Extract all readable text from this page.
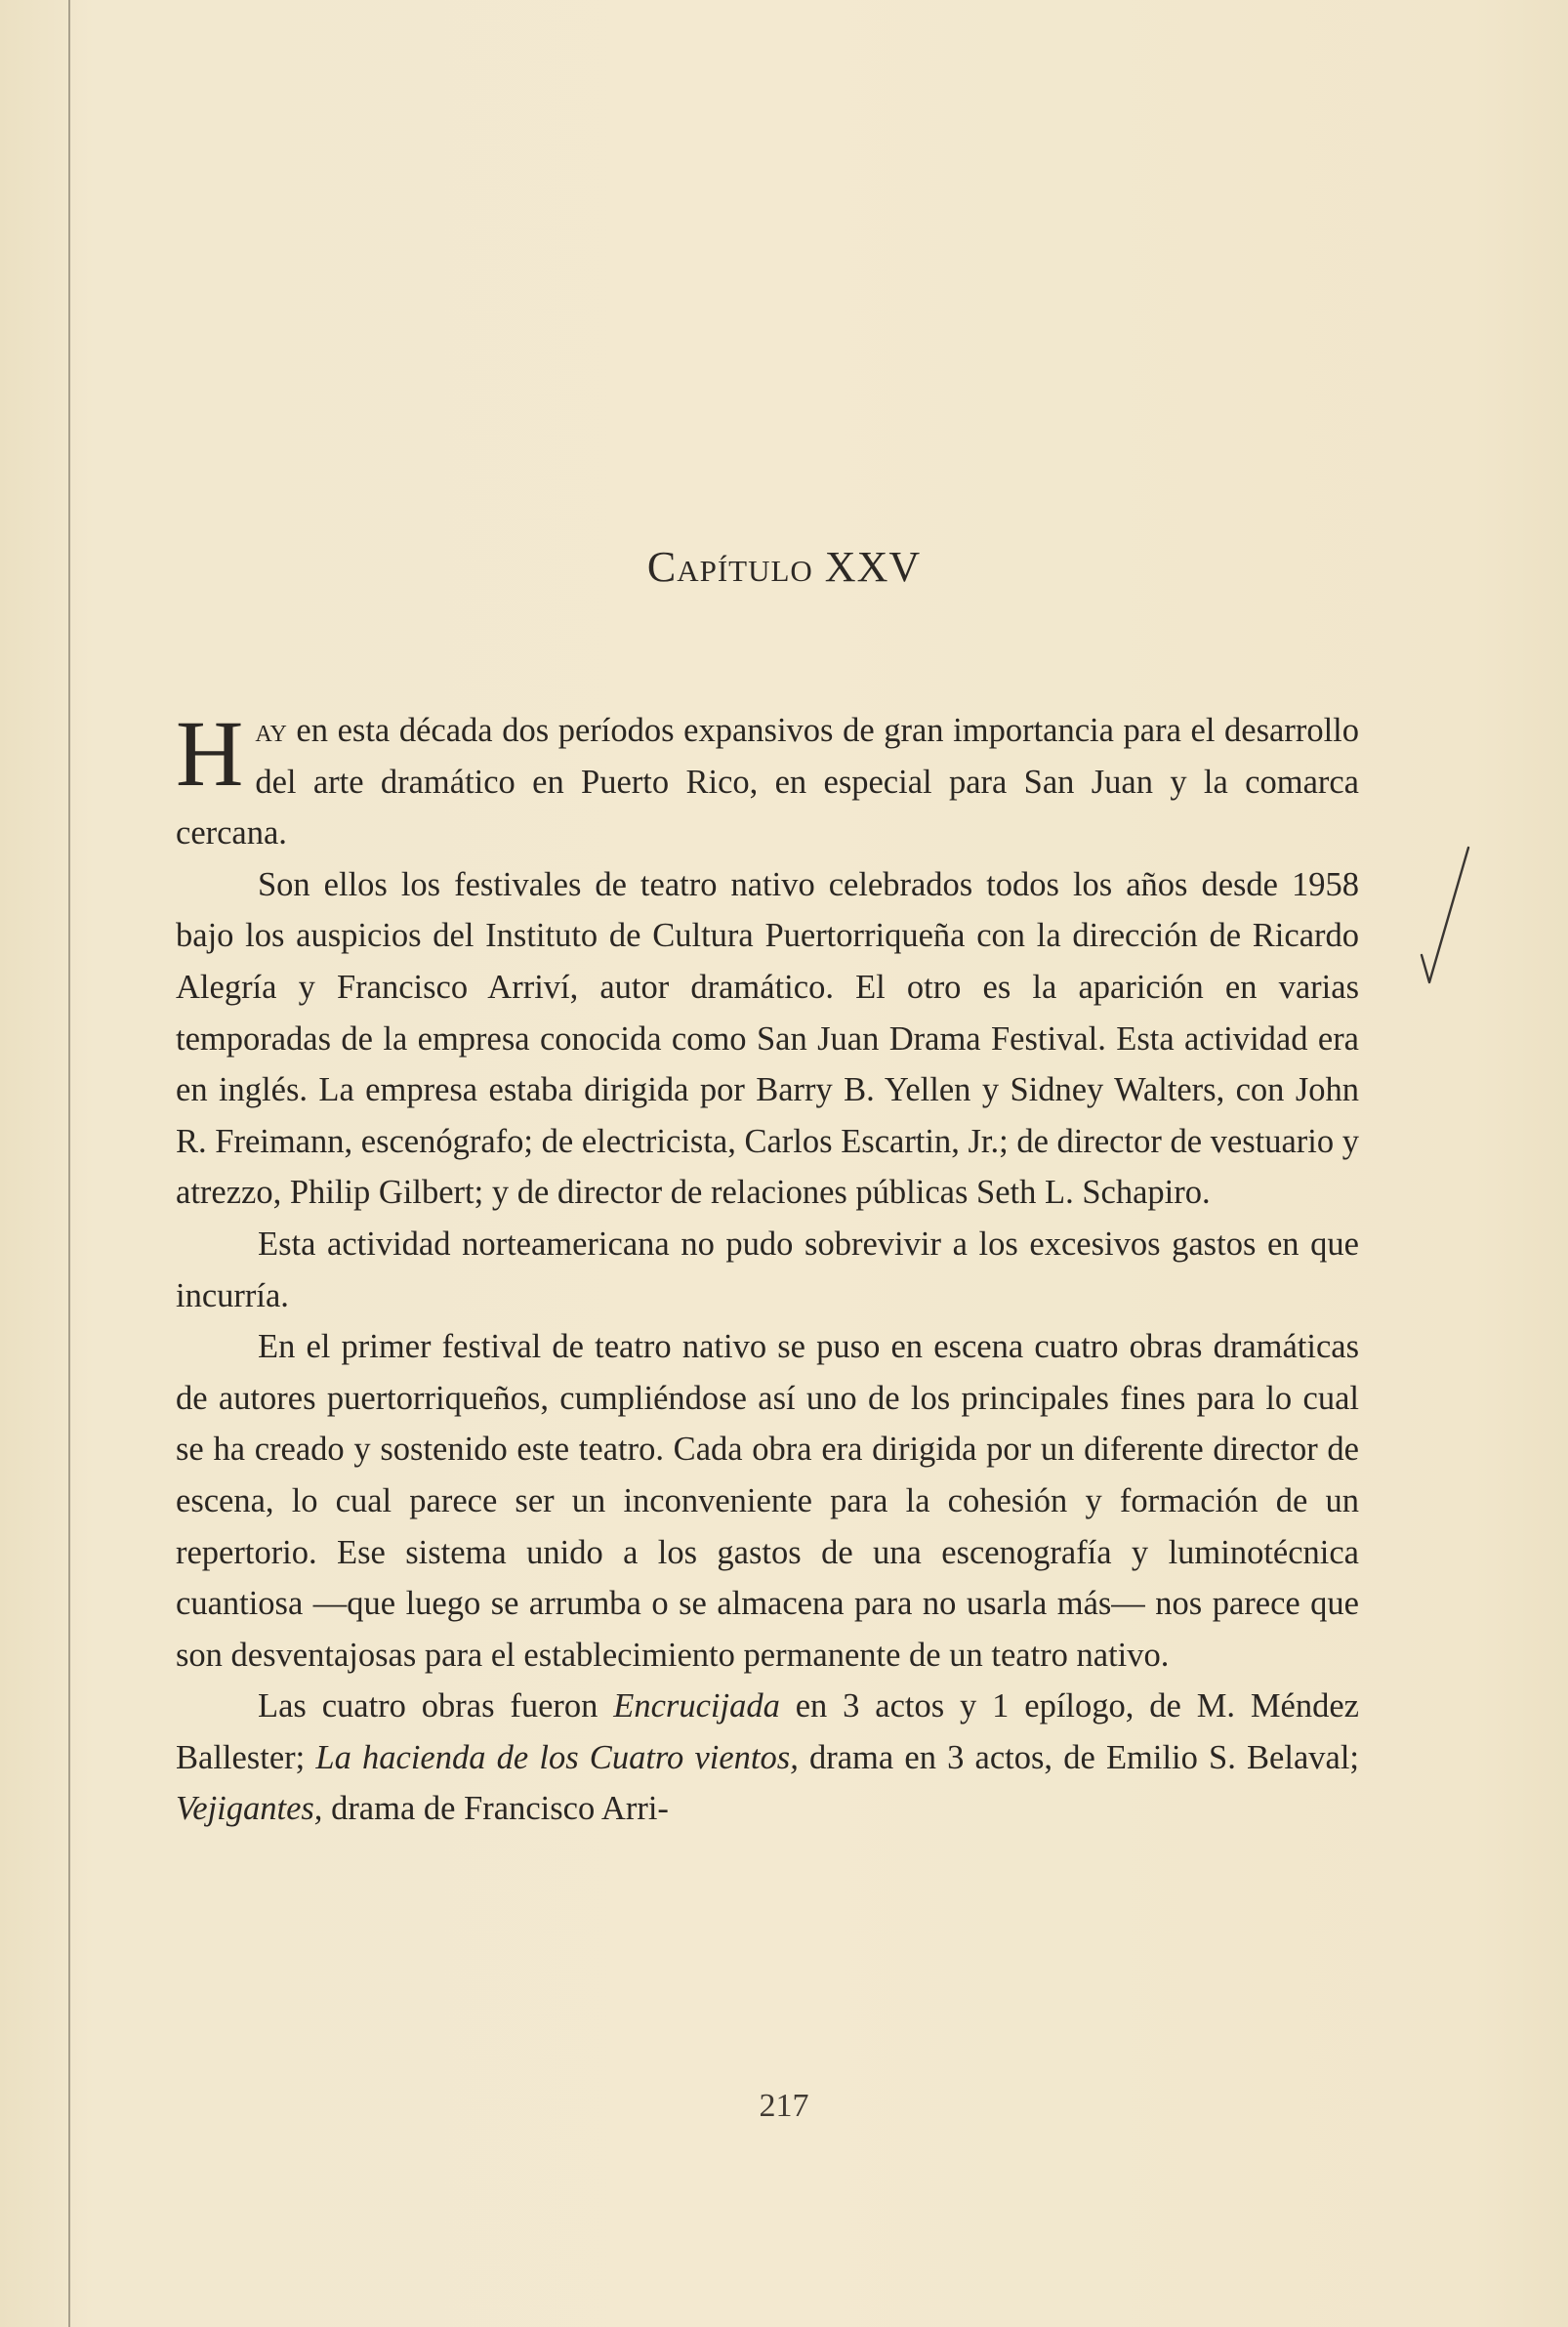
Capítulo XXV

Hay en esta década dos períodos expansivos de gran importancia para el desarrollo del arte dramático en Puerto Rico, en especial para San Juan y la comarca cercana.

Son ellos los festivales de teatro nativo celebrados todos los años desde 1958 bajo los auspicios del Instituto de Cultura Puertorriqueña con la dirección de Ricardo Alegría y Francisco Arriví, autor dramático. El otro es la aparición en varias temporadas de la empresa conocida como San Juan Drama Festival. Esta actividad era en inglés. La empresa estaba dirigida por Barry B. Yellen y Sidney Walters, con John R. Freimann, escenógrafo; de electricista, Carlos Escartin, Jr.; de director de vestuario y atrezzo, Philip Gilbert; y de director de relaciones públicas Seth L. Schapiro.

Esta actividad norteamericana no pudo sobrevivir a los excesivos gastos en que incurría.

En el primer festival de teatro nativo se puso en escena cuatro obras dramáticas de autores puertorriqueños, cumpliéndose así uno de los principales fines para lo cual se ha creado y sostenido este teatro. Cada obra era dirigida por un diferente director de escena, lo cual parece ser un inconveniente para la cohesión y formación de un repertorio. Ese sistema unido a los gastos de una escenografía y luminotécnica cuantiosa —que luego se arrumba o se almacena para no usarla más— nos parece que son desventajosas para el establecimiento permanente de un teatro nativo.

Las cuatro obras fueron Encrucijada en 3 actos y 1 epílogo, de M. Méndez Ballester; La hacienda de los Cuatro vientos, drama en 3 actos, de Emilio S. Belaval; Vejigantes, drama de Francisco Arri-

217
